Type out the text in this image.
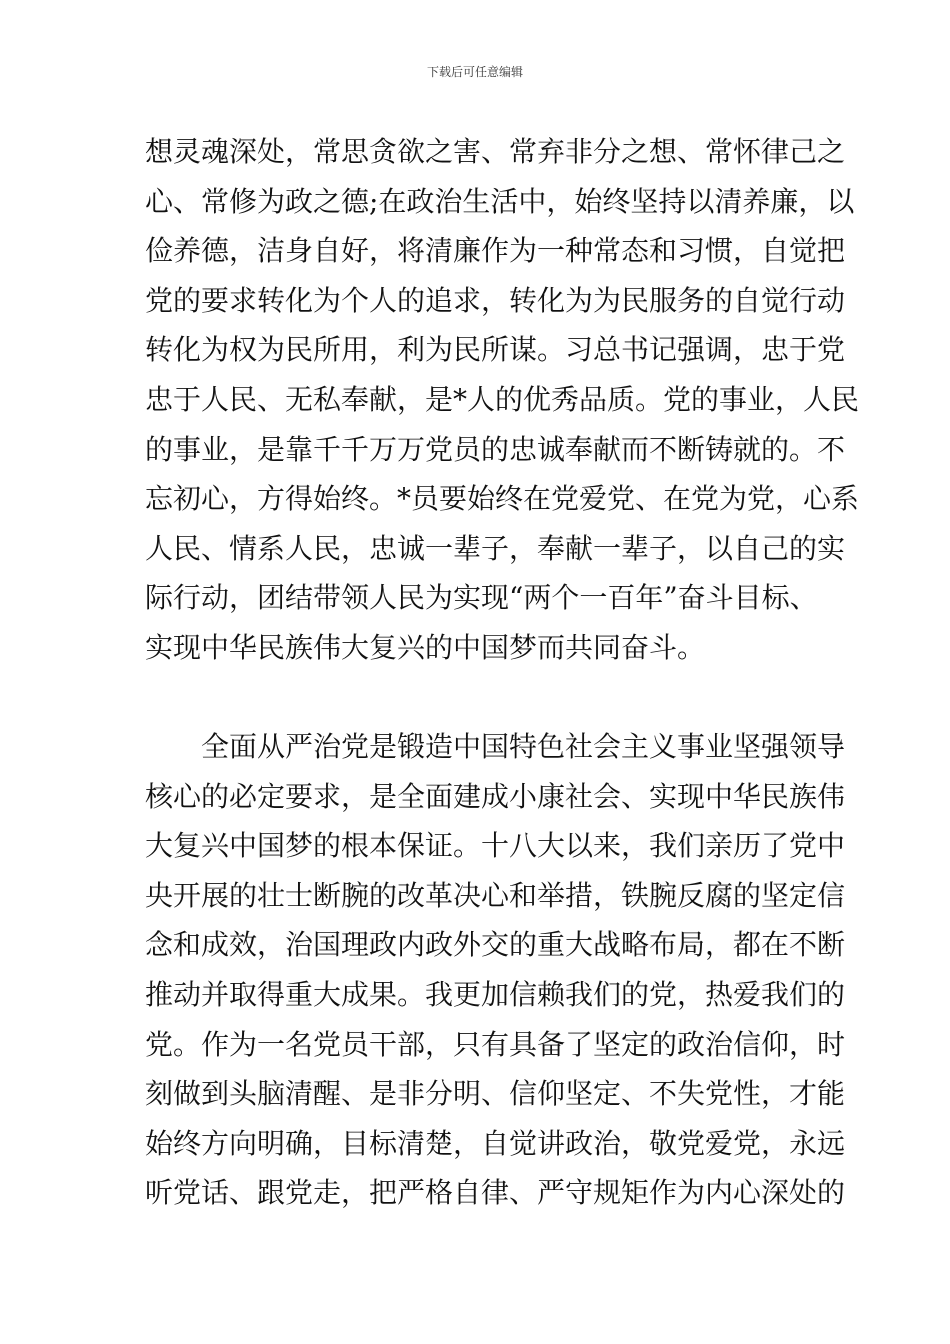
下载后可任意编辑
想灵魂深处，常思贪欲之害、常弃非分之想、常怀律己之
心、常修为政之德;在政治生活中，始终坚持以清养廉，以
俭养德，洁身自好，将清廉作为一种常态和习惯，自觉把
党的要求转化为个人的追求，转化为为民服务的自觉行动
转化为权为民所用，利为民所谋。习总书记强调，忠于党
忠于人民、无私奉献，是*人的优秀品质。党的事业，人民
的事业，是靠千千万万党员的忠诚奉献而不断铸就的。不
忘初心，方得始终。*员要始终在党爱党、在党为党，心系
人民、情系人民，忠诚一辈子，奉献一辈子，以自己的实
际行动，团结带领人民为实现“两个一百年”奋斗目标、
实现中华民族伟大复兴的中国梦而共同奋斗。
全面从严治党是锻造中国特色社会主义事业坚强领导
核心的必定要求，是全面建成小康社会、实现中华民族伟
大复兴中国梦的根本保证。十八大以来，我们亲历了党中
央开展的壮士断腕的改革决心和举措，铁腕反腐的坚定信
念和成效，治国理政内政外交的重大战略布局，都在不断
推动并取得重大成果。我更加信赖我们的党，热爱我们的
党。作为一名党员干部，只有具备了坚定的政治信仰，时
刻做到头脑清醒、是非分明、信仰坚定、不失党性，才能
始终方向明确，目标清楚，自觉讲政治，敬党爱党，永远
听党话、跟党走，把严格自律、严守规矩作为内心深处的
